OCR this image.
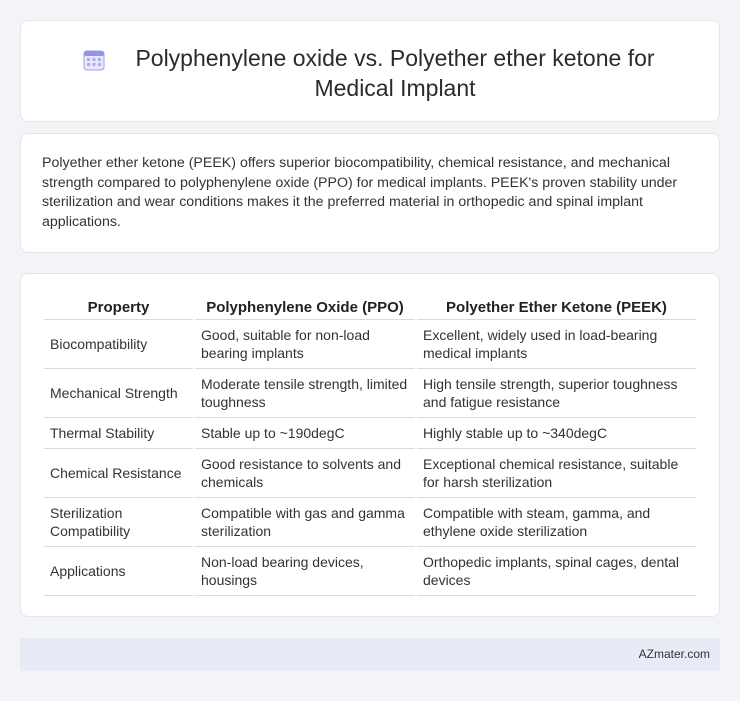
Polyphenylene oxide vs. Polyether ether ketone for Medical Implant

Polyether ether ketone (PEEK) offers superior biocompatibility, chemical resistance, and mechanical strength compared to polyphenylene oxide (PPO) for medical implants. PEEK's proven stability under sterilization and wear conditions makes it the preferred material in orthopedic and spinal implant applications.

Property	Polyphenylene Oxide (PPO)	Polyether Ether Ketone (PEEK)
Biocompatibility	Good, suitable for non-load bearing implants	Excellent, widely used in load-bearing medical implants
Mechanical Strength	Moderate tensile strength, limited toughness	High tensile strength, superior toughness and fatigue resistance
Thermal Stability	Stable up to ~190degC	Highly stable up to ~340degC
Chemical Resistance	Good resistance to solvents and chemicals	Exceptional chemical resistance, suitable for harsh sterilization
Sterilization Compatibility	Compatible with gas and gamma sterilization	Compatible with steam, gamma, and ethylene oxide sterilization
Applications	Non-load bearing devices, housings	Orthopedic implants, spinal cages, dental devices
AZmater.com
